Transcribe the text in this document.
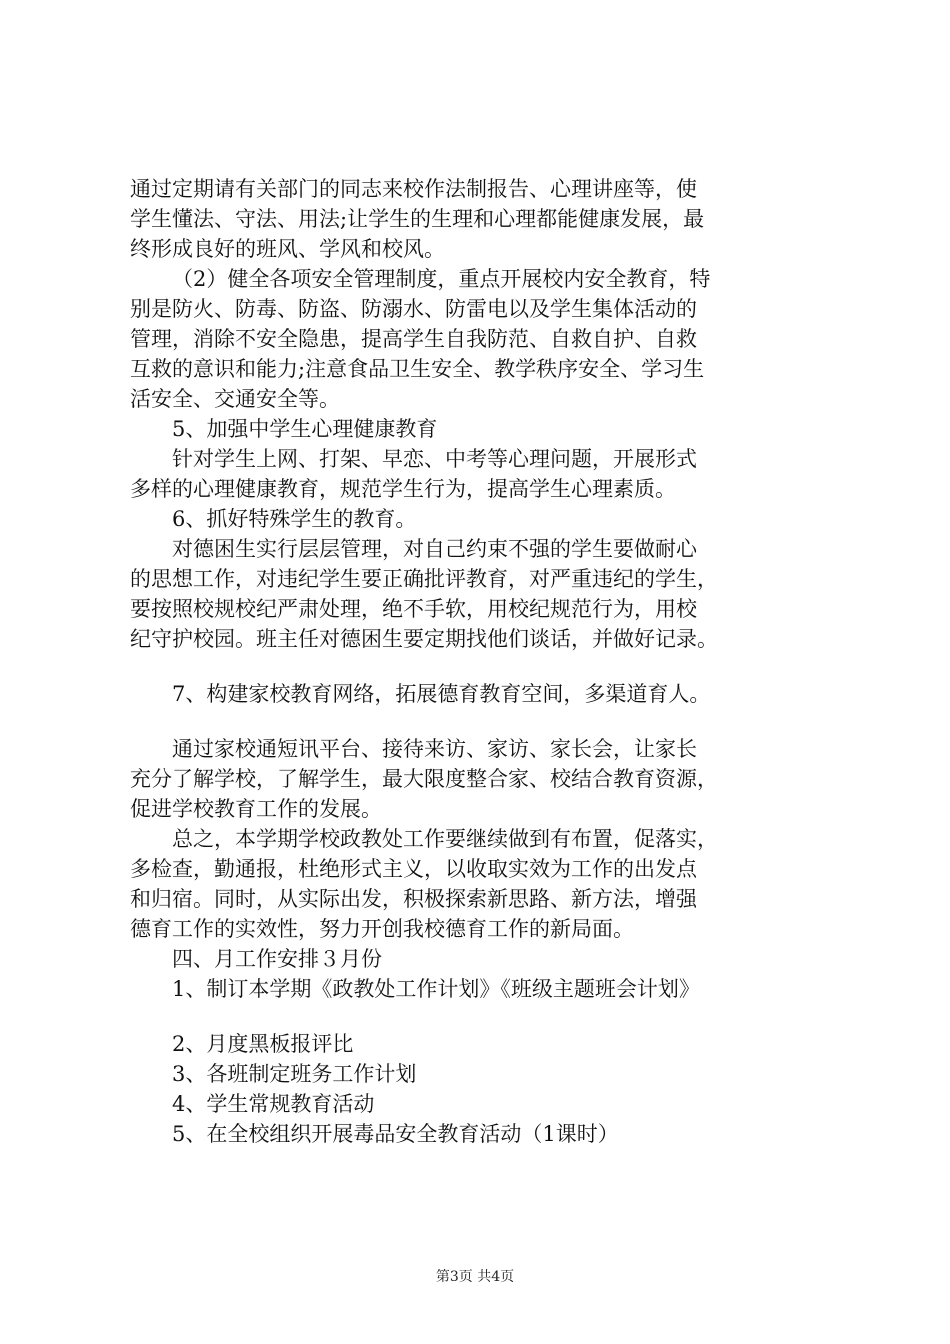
通过定期请有关部门的同志来校作法制报告、心理讲座等，使
学生懂法、守法、用法;让学生的生理和心理都能健康发展，最
终形成良好的班风、学风和校风。
（2）健全各项安全管理制度，重点开展校内安全教育，特
别是防火、防毒、防盗、防溺水、防雷电以及学生集体活动的
管理，消除不安全隐患，提高学生自我防范、自救自护、自救
互救的意识和能力;注意食品卫生安全、教学秩序安全、学习生
活安全、交通安全等。
5、加强中学生心理健康教育
针对学生上网、打架、早恋、中考等心理问题，开展形式
多样的心理健康教育，规范学生行为，提高学生心理素质。
6、抓好特殊学生的教育。
对德困生实行层层管理，对自己约束不强的学生要做耐心
的思想工作，对违纪学生要正确批评教育，对严重违纪的学生，
要按照校规校纪严肃处理，绝不手软，用校纪规范行为，用校
纪守护校园。班主任对德困生要定期找他们谈话，并做好记录。
7、构建家校教育网络，拓展德育教育空间，多渠道育人。
通过家校通短讯平台、接待来访、家访、家长会，让家长
充分了解学校，了解学生，最大限度整合家、校结合教育资源，
促进学校教育工作的发展。
总之，本学期学校政教处工作要继续做到有布置，促落实，
多检查，勤通报，杜绝形式主义，以收取实效为工作的出发点
和归宿。同时，从实际出发，积极探索新思路、新方法，增强
德育工作的实效性，努力开创我校德育工作的新局面。
四、月工作安排３月份
1、制订本学期《政教处工作计划》《班级主题班会计划》
2、月度黑板报评比
3、各班制定班务工作计划
4、学生常规教育活动
5、在全校组织开展毒品安全教育活动（1课时）
第3页 共4页
